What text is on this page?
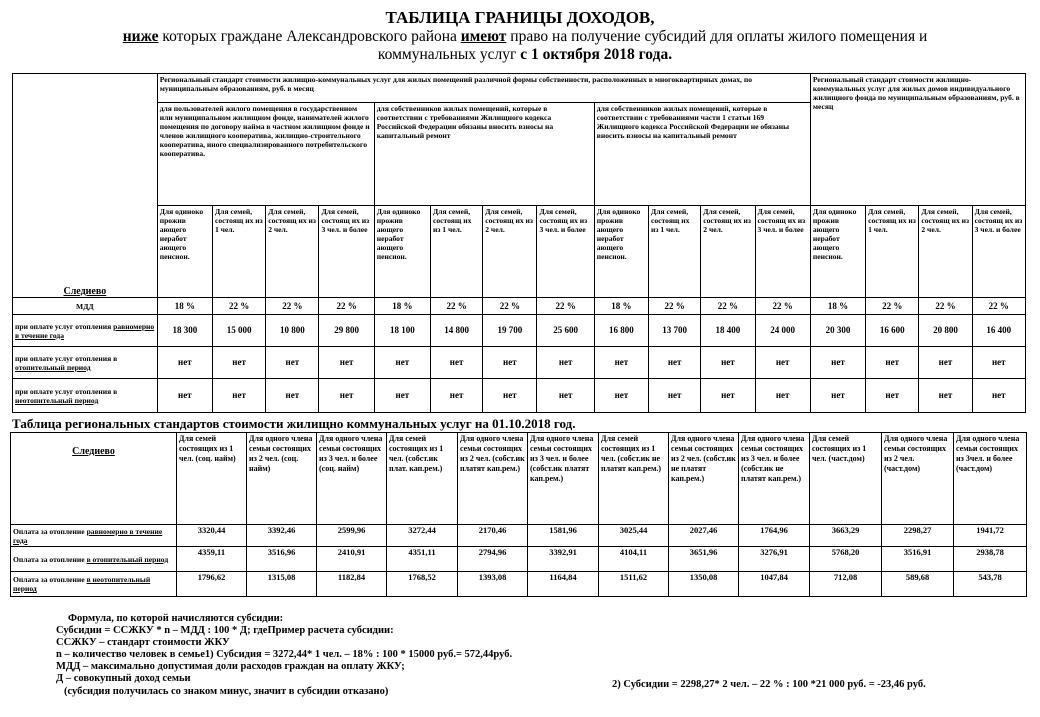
ТАБЛИЦА ГРАНИЦЫ ДОХОДОВ,
ниже которых граждане Александровского района имеют право на получение субсидий для оплаты жилого помещения и
коммунальных услуг с 1 октября 2018 года.
Следиево	Региональный стандарт стоимости жилищно-коммунальных услуг для жилых помещений различной формы собственности, расположенных в многоквартирных домах, по муниципальным образованиям, руб. в месяц												Региональный стандарт стоимости жилищно-коммунальных услуг для жилых домов индивидуального жилищного фонда по муниципальным образованиям, руб. в месяц			
	для пользователей жилого помещения в государственном или муниципальном жилищном фонде, нанимателей жилого помещения по договору найма в частном жилищном фонде и членов жилищного кооператива, жилищно-строительного кооператива, иного специализированного потребительского кооператива.				для собственников жилых помещений, которые в соответствии с требованиями Жилищного кодекса Российской Федерации обязаны вносить взносы на капитальный ремонт				для собственников жилых помещений, которые в соответствии с требованиями части 1 статьи 169 Жилищного кодекса Российской Федерации не обязаны вносить взносы на капитальный ремонт							
	Для одиноко прожив ающего неработ ающего пенсион.	Для семей, состоящ их из 1 чел.	Для семей, состоящ их из 2 чел.	Для семей, состоящ их из 3 чел. и более	Для одиноко прожив ающего неработ ающего пенсион.	Для семей, состоящ их из 1 чел.	Для семей, состоящ их из 2 чел.	Для семей, состоящ их из 3 чел. и более	Для одиноко прожив ающего неработ ающего пенсион.	Для семей, состоящ их из 1 чел.	Для семей, состоящ их из 2 чел.	Для семей, состоящ их из 3 чел. и более	Для одиноко прожив ающего неработ ающего пенсион.	Для семей, состоящ их из 1 чел.	Для семей, состоящ их из 2 чел.	Для семей, состоящ их из 3 чел. и более
МДД	18 %	22 %	22 %	22 %	18 %	22 %	22 %	22 %	18 %	22 %	22 %	22 %	18 %	22 %	22 %	22 %
при оплате услуг отопления равномерно в течение года	18 300	15 000	10 800	29 800	18 100	14 800	19 700	25 600	16 800	13 700	18 400	24 000	20 300	16 600	20 800	16 400
при оплате услуг отопления в отопительный период	нет	нет	нет	нет	нет	нет	нет	нет	нет	нет	нет	нет	нет	нет	нет	нет
при оплате услуг отопления в неотопительный период	нет	нет	нет	нет	нет	нет	нет	нет	нет	нет	нет	нет	нет	нет	нет	нет
Таблица региональных стандартов стоимости жилищно коммунальных услуг на 01.10.2018 год.
Следиево	Для семей состоящих из 1 чел. (соц. найм)	Для одного члена семьи состоящих из 2 чел. (соц. найм)	Для одного члена семьи состоящих из 3 чел. и более (соц. найм)	Для семей состоящих из 1 чел. (собст.ик плат. кап.рем.)	Для одного члена семьи состоящих из 2 чел. (собст.ик платят кап.рем.)	Для одного члена семьи состоящих из 3 чел. и более (собст.ик платят кап.рем.)	Для семей состоящих из 1 чел. (собст.ик не платят кап.рем.)	Для одного члена семьи состоящих из 2 чел. (собст.ик не платят кап.рем.)	Для одного члена семьи состоящих из 3 чел. и более (собст.ик не платят кап.рем.)	Для семей состоящих из 1 чел. (част.дом)	Для одного члена семьи состоящих из 2 чел. (част.дом)	Для одного члена семьи состоящих из 3чел. и более (част.дом)
Оплата за отопление равномерно в течение года	3320,44	3392,46	2599,96	3272,44	2170,46	1581,96	3025,44	2027,46	1764,96	3663,29	2298,27	1941,72
Оплата за отопление в отопительный период	4359,11	3516,96	2410,91	4351,11	2794,96	3392,91	4104,11	3651,96	3276,91	5768,20	3516,91	2938,78
Оплата за отопление в неотопительный период	1796,62	1315,08	1182,84	1768,52	1393,08	1164,84	1511,62	1350,08	1047,84	712,08	589,68	543,78
Формула, по которой начисляются субсидии:
Субсидии = ССЖКУ * n – МДД : 100 * Д; гдеПример расчета субсидии:
ССЖКУ – стандарт стоимости ЖКУ
n – количество человек в семье1) Субсидия = 3272,44* 1 чел. – 18% : 100 * 15000 руб.= 572,44руб.
МДД – максимально допустимая доли расходов граждан на оплату ЖКУ;
Д – совокупный доход семьи
(субсидия получилась со знаком минус, значит в субсидии отказано)
2) Субсидии = 2298,27* 2 чел. – 22 % : 100 *21 000 руб. = -23,46 руб.
